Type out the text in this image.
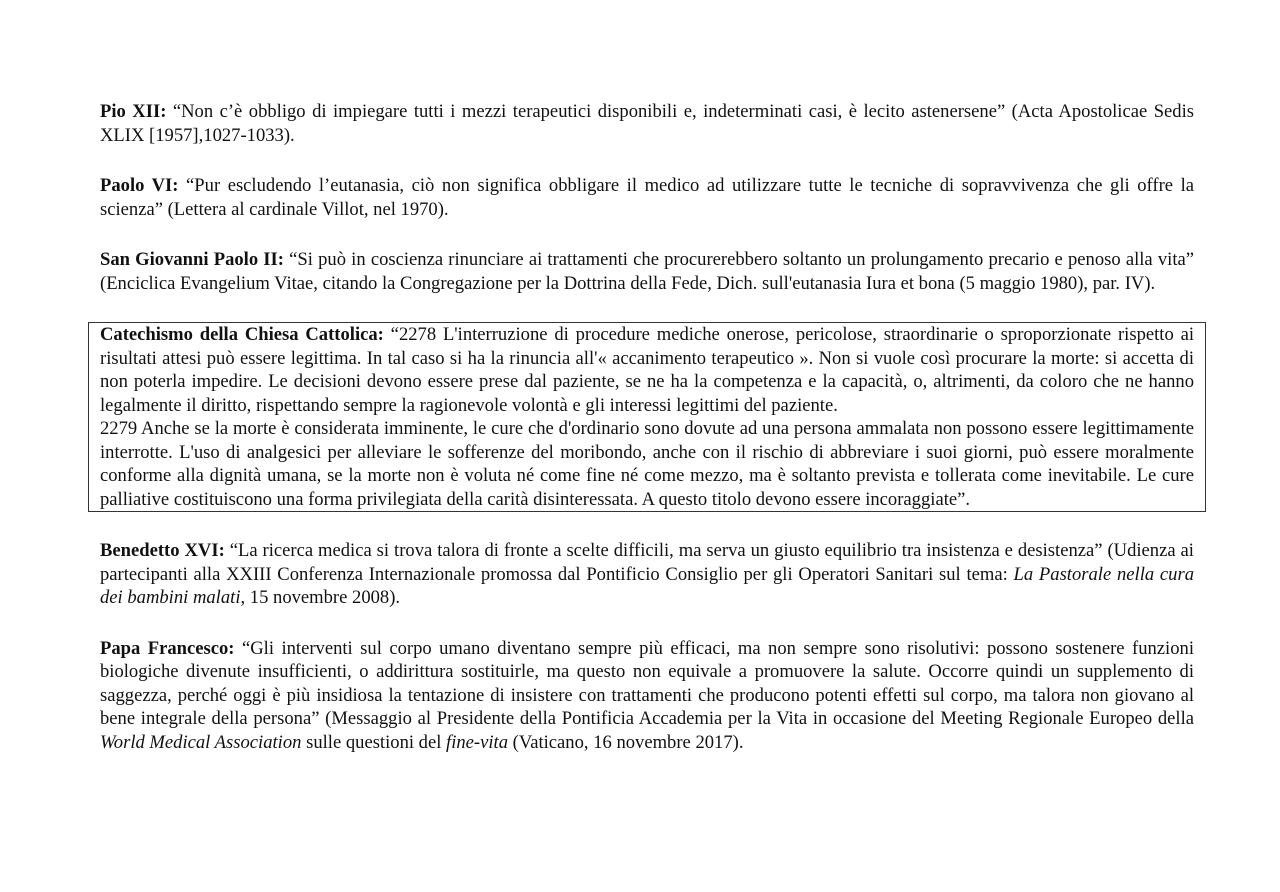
Pio XII: “Non c’è obbligo di impiegare tutti i mezzi terapeutici disponibili e, indeterminati casi, è lecito astenersene” (Acta Apostolicae Sedis XLIX [1957],1027-1033).

Paolo VI: “Pur escludendo l’eutanasia, ciò non significa obbligare il medico ad utilizzare tutte le tecniche di sopravvivenza che gli offre la scienza” (Lettera al cardinale Villot, nel 1970).

San Giovanni Paolo II: “Si può in coscienza rinunciare ai trattamenti che procurerebbero soltanto un prolungamento precario e penoso alla vita” (Enciclica Evangelium Vitae, citando la Congregazione per la Dottrina della Fede, Dich. sull'eutanasia Iura et bona (5 maggio 1980), par. IV).

Catechismo della Chiesa Cattolica: “2278 L'interruzione di procedure mediche onerose, pericolose, straordinarie o sproporzionate rispetto ai risultati attesi può essere legittima. In tal caso si ha la rinuncia all'« accanimento terapeutico ». Non si vuole così procurare la morte: si accetta di non poterla impedire. Le decisioni devono essere prese dal paziente, se ne ha la competenza e la capacità, o, altrimenti, da coloro che ne hanno legalmente il diritto, rispettando sempre la ragionevole volontà e gli interessi legittimi del paziente.

2279 Anche se la morte è considerata imminente, le cure che d'ordinario sono dovute ad una persona ammalata non possono essere legittimamente interrotte. L'uso di analgesici per alleviare le sofferenze del moribondo, anche con il rischio di abbreviare i suoi giorni, può essere moralmente conforme alla dignità umana, se la morte non è voluta né come fine né come mezzo, ma è soltanto prevista e tollerata come inevitabile. Le cure palliative costituiscono una forma privilegiata della carità disinteressata. A questo titolo devono essere incoraggiate”.

Benedetto XVI: “La ricerca medica si trova talora di fronte a scelte difficili, ma serva un giusto equilibrio tra insistenza e desistenza” (Udienza ai partecipanti alla XXIII Conferenza Internazionale promossa dal Pontificio Consiglio per gli Operatori Sanitari sul tema: La Pastorale nella cura dei bambini malati, 15 novembre 2008).

Papa Francesco: “Gli interventi sul corpo umano diventano sempre più efficaci, ma non sempre sono risolutivi: possono sostenere funzioni biologiche divenute insufficienti, o addirittura sostituirle, ma questo non equivale a promuovere la salute. Occorre quindi un supplemento di saggezza, perché oggi è più insidiosa la tentazione di insistere con trattamenti che producono potenti effetti sul corpo, ma talora non giovano al bene integrale della persona” (Messaggio al Presidente della Pontificia Accademia per la Vita in occasione del Meeting Regionale Europeo della World Medical Association sulle questioni del fine-vita (Vaticano, 16 novembre 2017).
